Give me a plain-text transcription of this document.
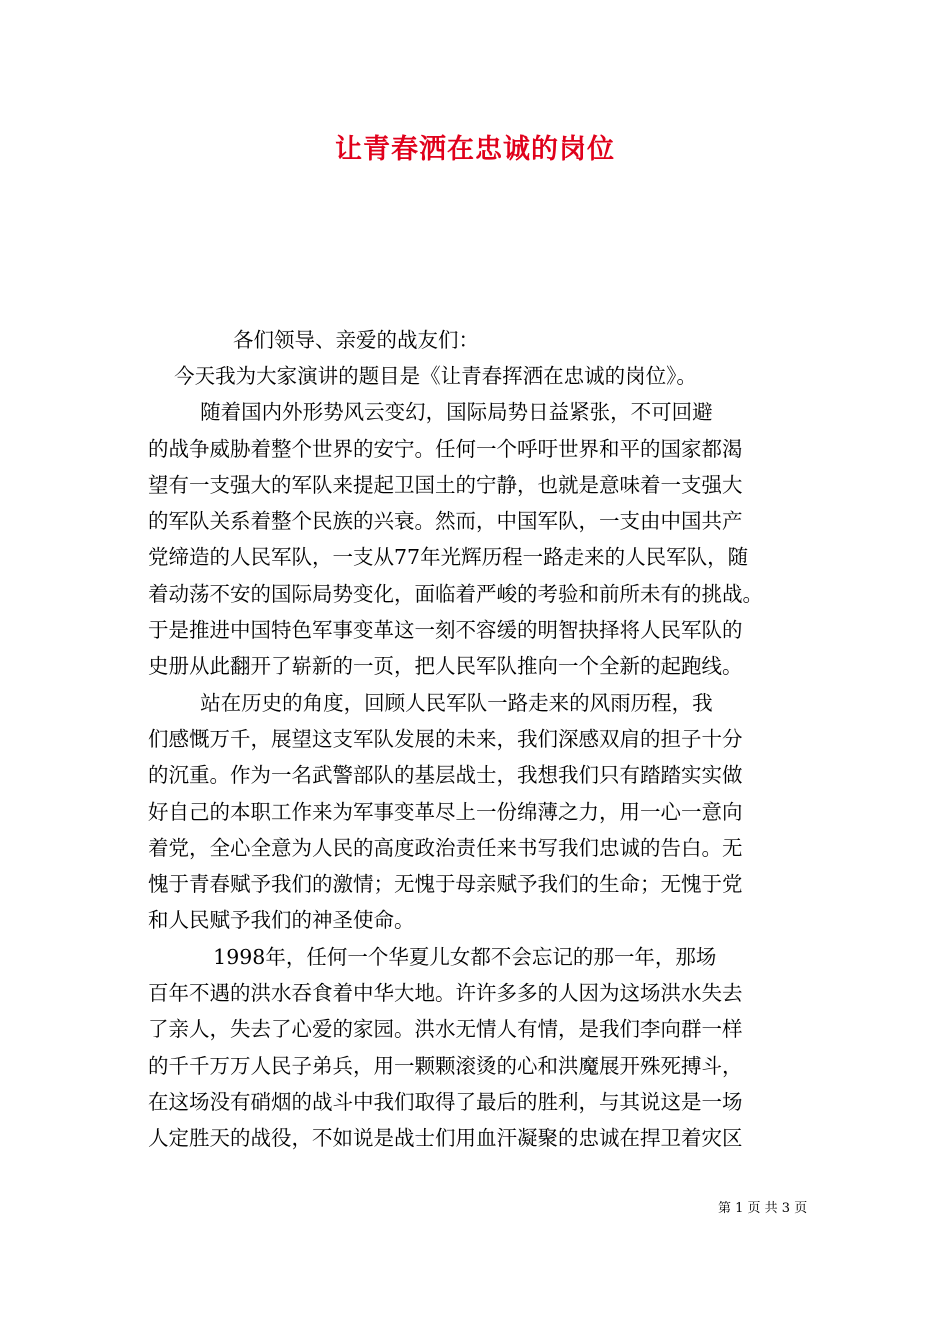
让青春洒在忠诚的岗位
各们领导、亲爱的战友们：
今天我为大家演讲的题目是《让青春挥洒在忠诚的岗位》。
随着国内外形势风云变幻，国际局势日益紧张，不可回避
的战争威胁着整个世界的安宁。任何一个呼吁世界和平的国家都渴
望有一支强大的军队来提起卫国土的宁静，也就是意味着一支强大
的军队关系着整个民族的兴衰。然而，中国军队，一支由中国共产
党缔造的人民军队，一支从77年光辉历程一路走来的人民军队，随
着动荡不安的国际局势变化，面临着严峻的考验和前所未有的挑战。
于是推进中国特色军事变革这一刻不容缓的明智抉择将人民军队的
史册从此翻开了崭新的一页，把人民军队推向一个全新的起跑线。
站在历史的角度，回顾人民军队一路走来的风雨历程，我
们感慨万千，展望这支军队发展的未来，我们深感双肩的担子十分
的沉重。作为一名武警部队的基层战士，我想我们只有踏踏实实做
好自己的本职工作来为军事变革尽上一份绵薄之力，用一心一意向
着党，全心全意为人民的高度政治责任来书写我们忠诚的告白。无
愧于青春赋予我们的激情；无愧于母亲赋予我们的生命；无愧于党
和人民赋予我们的神圣使命。
1998年，任何一个华夏儿女都不会忘记的那一年，那场
百年不遇的洪水吞食着中华大地。许许多多的人因为这场洪水失去
了亲人，失去了心爱的家园。洪水无情人有情，是我们李向群一样
的千千万万人民子弟兵，用一颗颗滚烫的心和洪魔展开殊死搏斗，
在这场没有硝烟的战斗中我们取得了最后的胜利，与其说这是一场
人定胜天的战役，不如说是战士们用血汗凝聚的忠诚在捍卫着灾区
第 1 页 共 3 页
